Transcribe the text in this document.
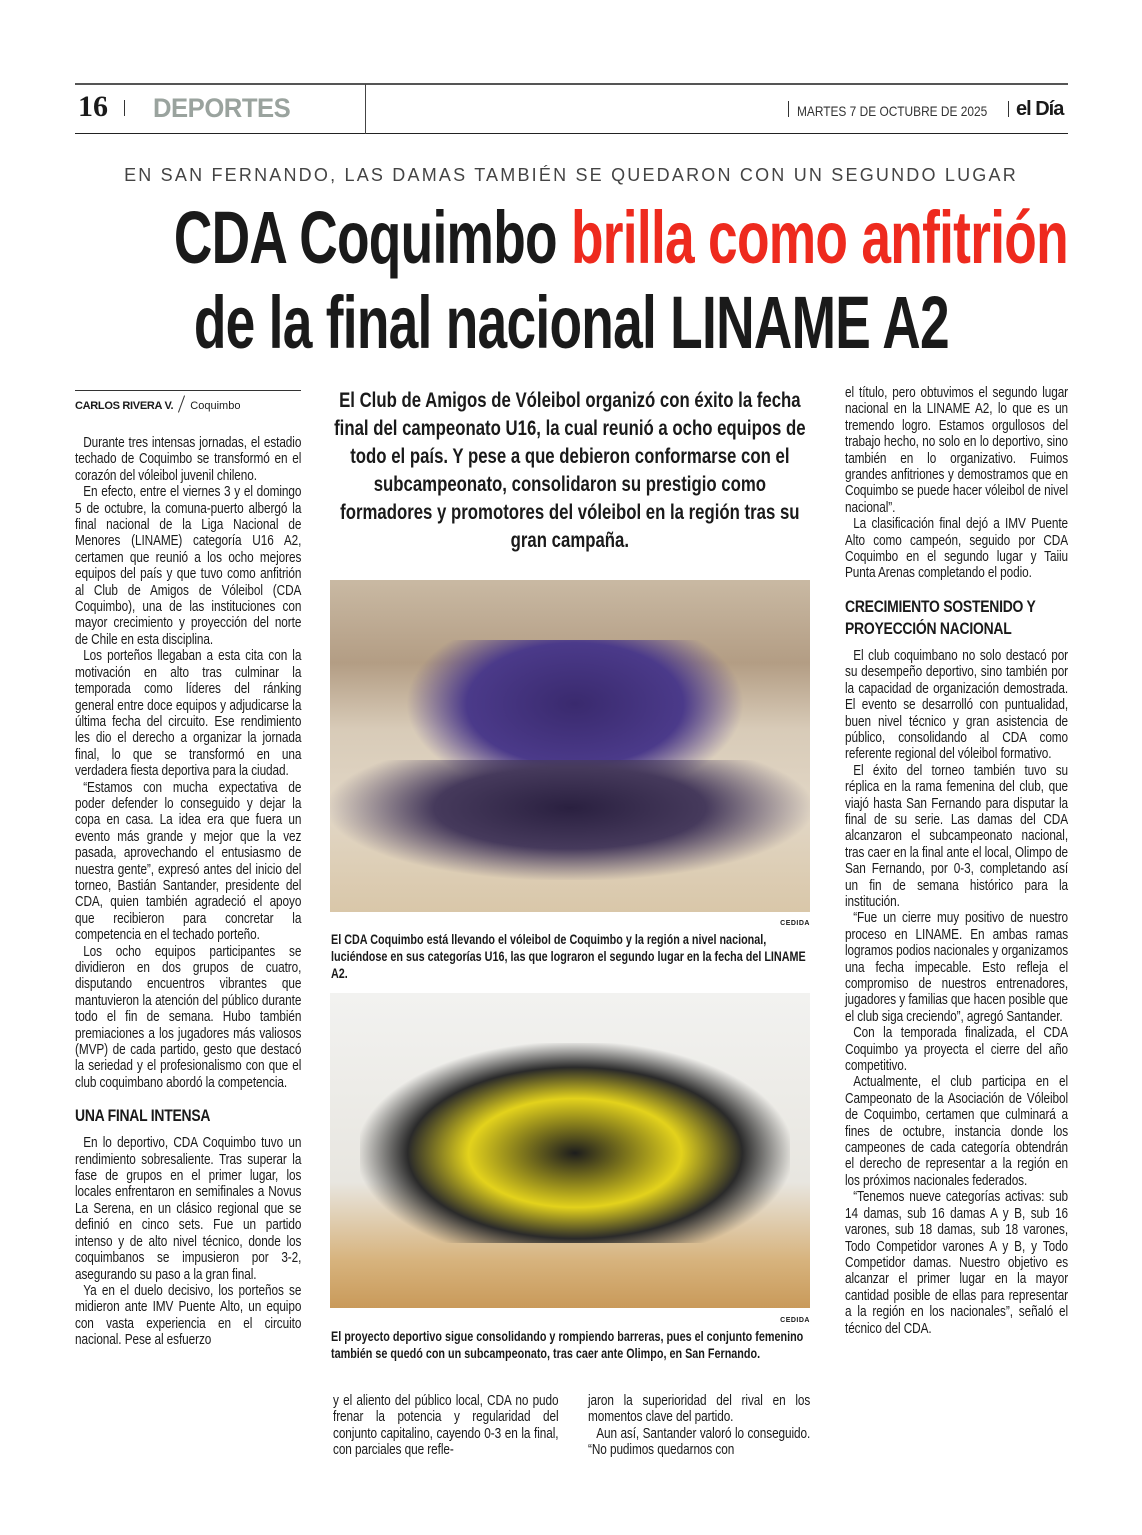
16 DEPORTES	MARTES 7 DE OCTUBRE DE 2025 el Día
EN SAN FERNANDO, LAS DAMAS TAMBIÉN SE QUEDARON CON UN SEGUNDO LUGAR
CDA Coquimbo brilla como anfitrión
de la final nacional LINAME A2
CARLOS RIVERA V. Coquimbo

Durante tres intensas jornadas, el estadio techado de Coquimbo se transformó en el corazón del vóleibol juvenil chileno.

En efecto, entre el viernes 3 y el domingo 5 de octubre, la comuna-puerto albergó la final nacional de la Liga Nacional de Menores (LINAME) categoría U16 A2, certamen que reunió a los ocho mejores equipos del país y que tuvo como anfitrión al Club de Amigos de Vóleibol (CDA Coquimbo), una de las instituciones con mayor crecimiento y proyección del norte de Chile en esta disciplina.

Los porteños llegaban a esta cita con la motivación en alto tras culminar la temporada como líderes del ránking general entre doce equipos y adjudicarse la última fecha del circuito. Ese rendimiento les dio el derecho a organizar la jornada final, lo que se transformó en una verdadera fiesta deportiva para la ciudad.

“Estamos con mucha expectativa de poder defender lo conseguido y dejar la copa en casa. La idea era que fuera un evento más grande y mejor que la vez pasada, aprovechando el entusiasmo de nuestra gente”, expresó antes del inicio del torneo, Bastián Santander, presidente del CDA, quien también agradeció el apoyo que recibieron para concretar la competencia en el techado porteño.

Los ocho equipos participantes se dividieron en dos grupos de cuatro, disputando encuentros vibrantes que mantuvieron la atención del público durante todo el fin de semana. Hubo también premiaciones a los jugadores más valiosos (MVP) de cada partido, gesto que destacó la seriedad y el profesionalismo con que el club coquimbano abordó la competencia.

UNA FINAL INTENSA

En lo deportivo, CDA Coquimbo tuvo un rendimiento sobresaliente. Tras superar la fase de grupos en el primer lugar, los locales enfrentaron en semifinales a Novus La Serena, en un clásico regional que se definió en cinco sets. Fue un partido intenso y de alto nivel técnico, donde los coquimbanos se impusieron por 3-2, asegurando su paso a la gran final.

Ya en el duelo decisivo, los porteños se midieron ante IMV Puente Alto, un equipo con vasta experiencia en el circuito nacional. Pese al esfuerzo

El Club de Amigos de Vóleibol organizó con éxito la fecha final del campeonato U16, la cual reunió a ocho equipos de todo el país. Y pese a que debieron conformarse con el subcampeonato, consolidaron su prestigio como formadores y promotores del vóleibol en la región tras su gran campaña.
CEDIDA
El CDA Coquimbo está llevando el vóleibol de Coquimbo y la región a nivel nacional, luciéndose en sus categorías U16, las que lograron el segundo lugar en la fecha del LINAME A2.
CEDIDA
El proyecto deportivo sigue consolidando y rompiendo barreras, pues el conjunto femenino también se quedó con un subcampeonato, tras caer ante Olimpo, en San Fernando.

y el aliento del público local, CDA no pudo frenar la potencia y regularidad del conjunto capitalino, cayendo 0-3 en la final, con parciales que refle-

jaron la superioridad del rival en los momentos clave del partido.

Aun así, Santander valoró lo conseguido. “No pudimos quedarnos con

el título, pero obtuvimos el segundo lugar nacional en la LINAME A2, lo que es un tremendo logro. Estamos orgullosos del trabajo hecho, no solo en lo deportivo, sino también en lo organizativo. Fuimos grandes anfitriones y demostramos que en Coquimbo se puede hacer vóleibol de nivel nacional”.

La clasificación final dejó a IMV Puente Alto como campeón, seguido por CDA Coquimbo en el segundo lugar y Taiiu Punta Arenas completando el podio.

CRECIMIENTO SOSTENIDO Y PROYECCIÓN NACIONAL

El club coquimbano no solo destacó por su desempeño deportivo, sino también por la capacidad de organización demostrada. El evento se desarrolló con puntualidad, buen nivel técnico y gran asistencia de público, consolidando al CDA como referente regional del vóleibol formativo.

El éxito del torneo también tuvo su réplica en la rama femenina del club, que viajó hasta San Fernando para disputar la final de su serie. Las damas del CDA alcanzaron el subcampeonato nacional, tras caer en la final ante el local, Olimpo de San Fernando, por 0-3, completando así un fin de semana histórico para la institución.

“Fue un cierre muy positivo de nuestro proceso en LINAME. En ambas ramas logramos podios nacionales y organizamos una fecha impecable. Esto refleja el compromiso de nuestros entrenadores, jugadores y familias que hacen posible que el club siga creciendo”, agregó Santander.

Con la temporada finalizada, el CDA Coquimbo ya proyecta el cierre del año competitivo.

Actualmente, el club participa en el Campeonato de la Asociación de Vóleibol de Coquimbo, certamen que culminará a fines de octubre, instancia donde los campeones de cada categoría obtendrán el derecho de representar a la región en los próximos nacionales federados.

“Tenemos nueve categorías activas: sub 14 damas, sub 16 damas A y B, sub 16 varones, sub 18 damas, sub 18 varones, Todo Competidor varones A y B, y Todo Competidor damas. Nuestro objetivo es alcanzar el primer lugar en la mayor cantidad posible de ellas para representar a la región en los nacionales”, señaló el técnico del CDA.
